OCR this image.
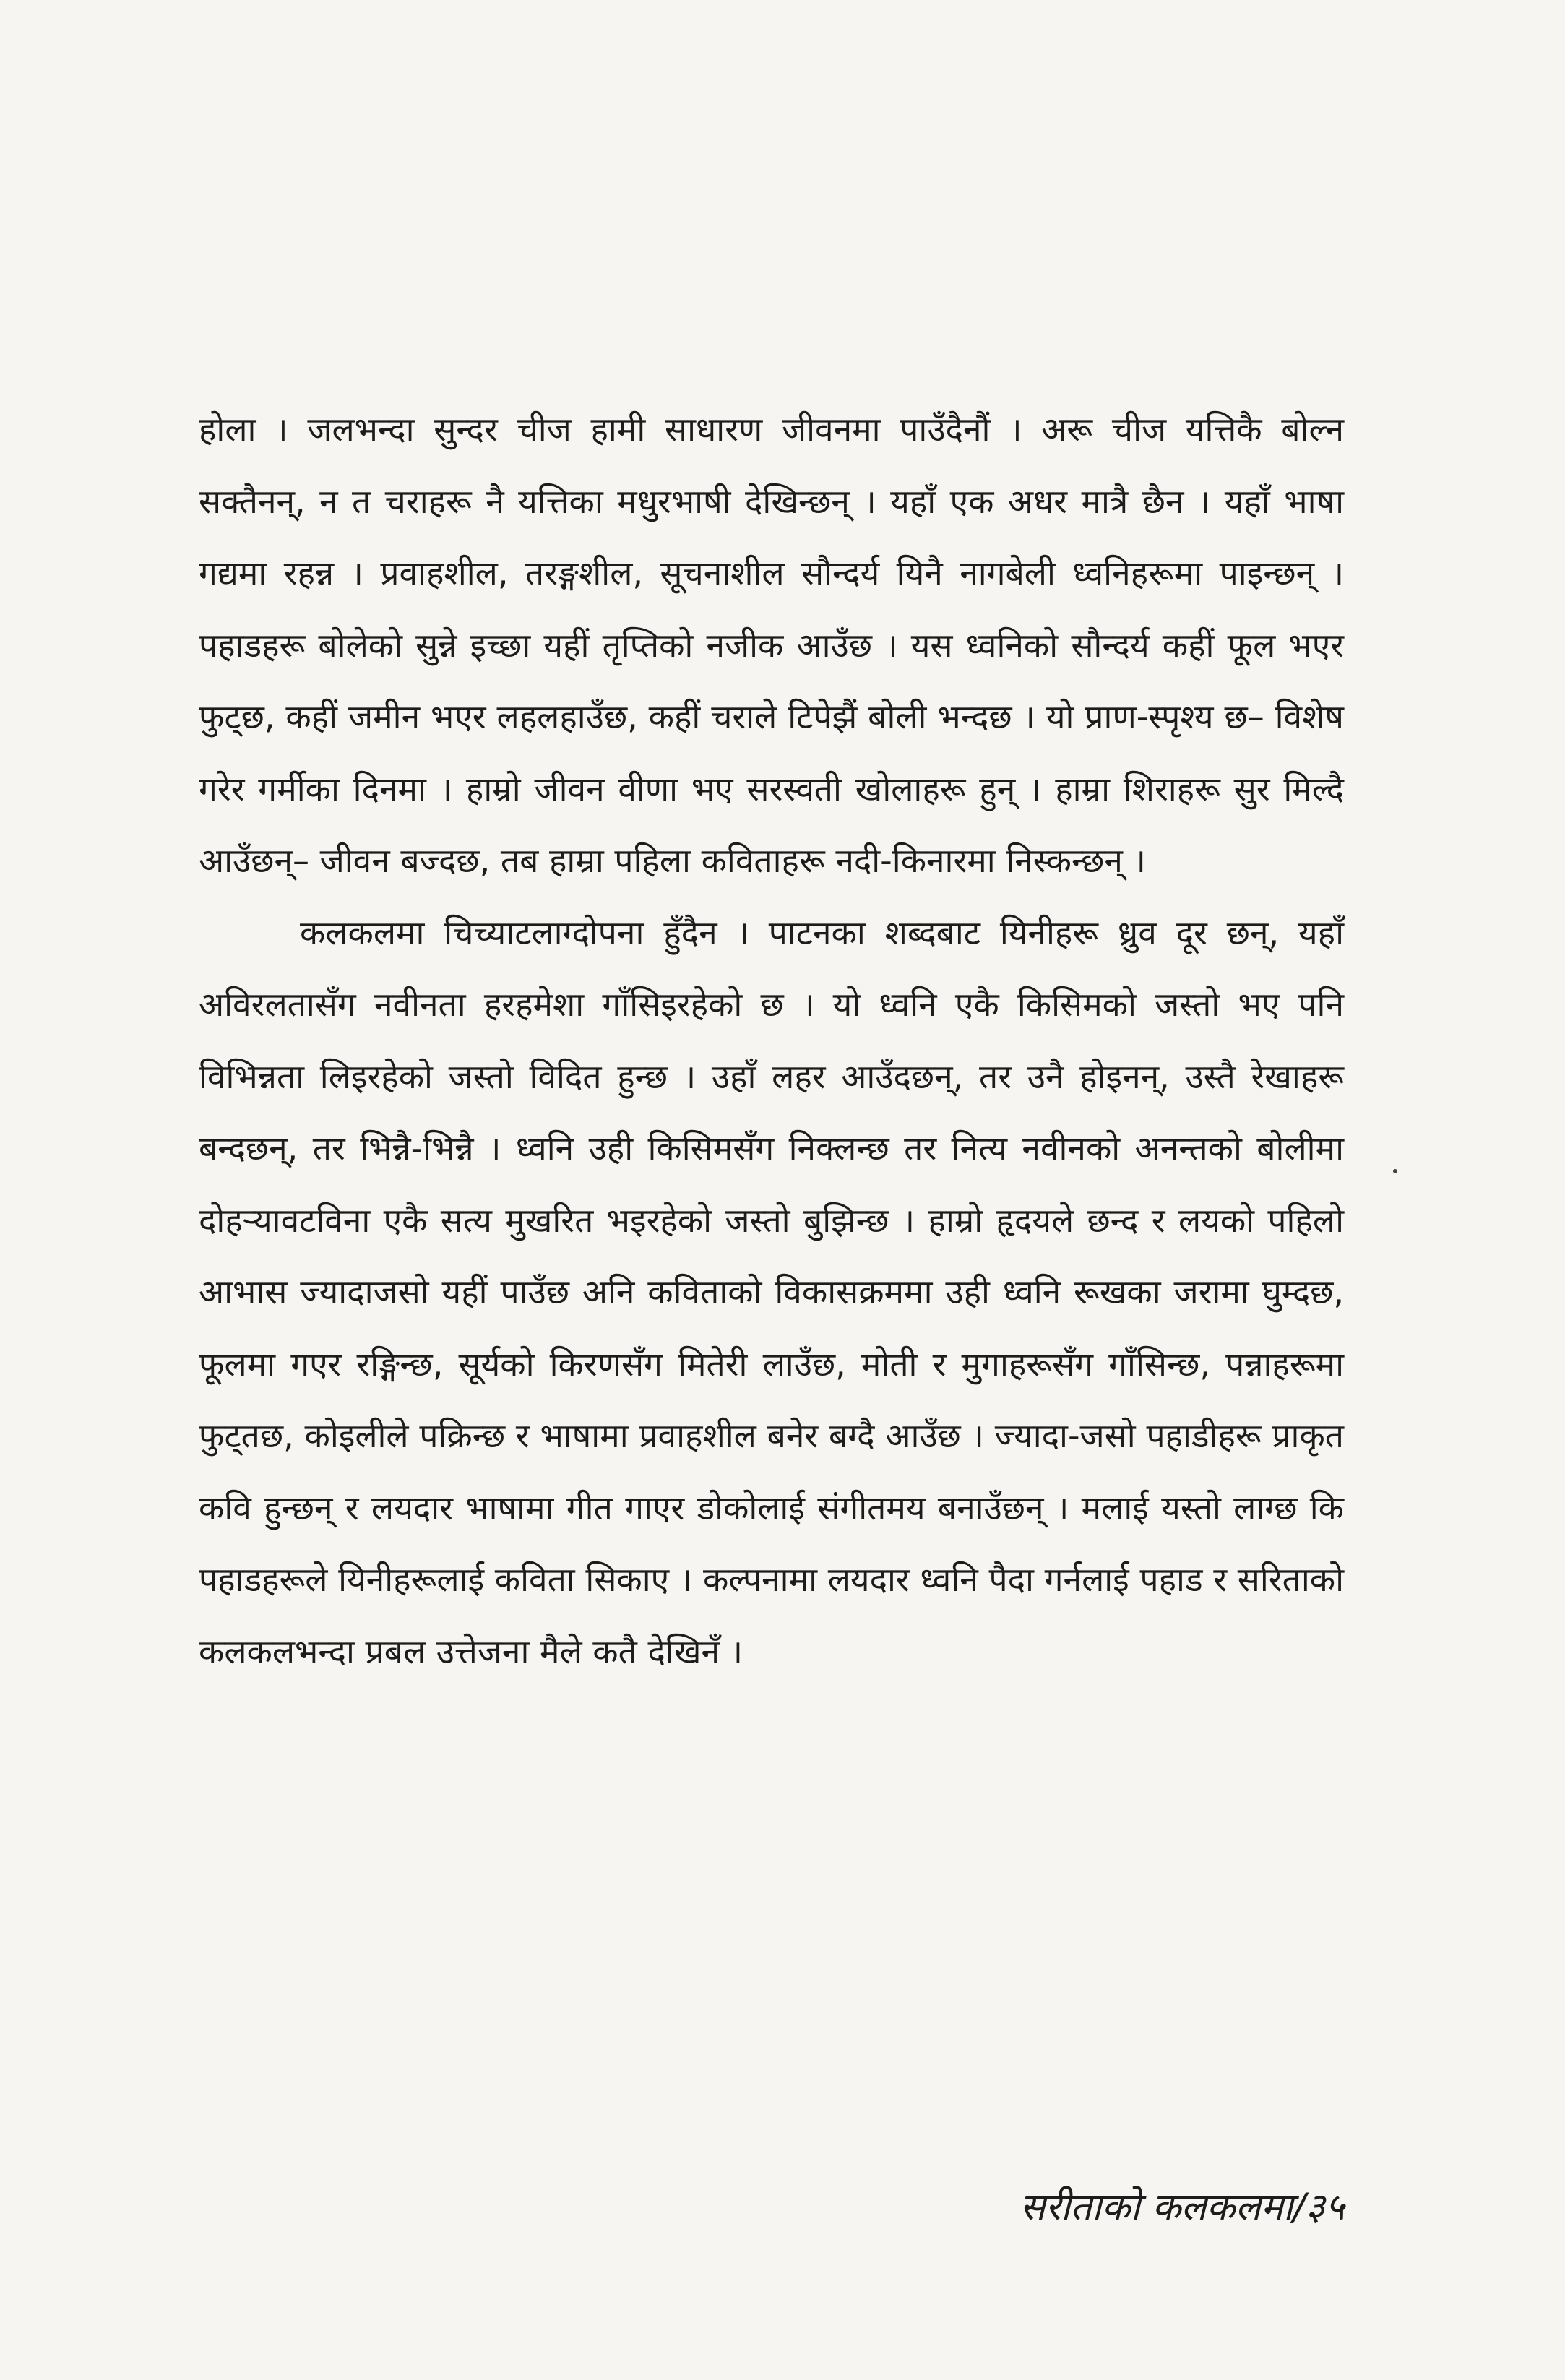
होला । जलभन्दा सुन्दर चीज हामी साधारण जीवनमा पाउँदैनौं । अरू चीज यत्तिकै बोल्न सक्तैनन्, न त चराहरू नै यत्तिका मधुरभाषी देखिन्छन् । यहाँ एक अधर मात्रै छैन । यहाँ भाषा गद्यमा रहन्न । प्रवाहशील, तरङ्गशील, सूचनाशील सौन्दर्य यिनै नागबेली ध्वनिहरूमा पाइन्छन् । पहाडहरू बोलेको सुन्ने इच्छा यहीं तृप्तिको नजीक आउँछ । यस ध्वनिको सौन्दर्य कहीं फूल भएर फुट्छ, कहीं जमीन भएर लहलहाउँछ, कहीं चराले टिपेझैं बोली भन्दछ । यो प्राण-स्पृश्य छ– विशेष गरेर गर्मीका दिनमा । हाम्रो जीवन वीणा भए सरस्वती खोलाहरू हुन् । हाम्रा शिराहरू सुर मिल्दै आउँछन्– जीवन बज्दछ, तब हाम्रा पहिला कविताहरू नदी-किनारमा निस्कन्छन् ।

कलकलमा चिच्याटलाग्दोपना हुँदैन । पाटनका शब्दबाट यिनीहरू ध्रुव दूर छन्, यहाँ अविरलतासँग नवीनता हरहमेशा गाँसिइरहेको छ । यो ध्वनि एकै किसिमको जस्तो भए पनि विभिन्नता लिइरहेको जस्तो विदित हुन्छ । उहाँ लहर आउँदछन्, तर उनै होइनन्, उस्तै रेखाहरू बन्दछन्, तर भिन्नै-भिन्नै । ध्वनि उही किसिमसँग निक्लन्छ तर नित्य नवीनको अनन्तको बोलीमा दोहऱ्यावटविना एकै सत्य मुखरित भइरहेको जस्तो बुझिन्छ । हाम्रो हृदयले छन्द र लयको पहिलो आभास ज्यादाजसो यहीं पाउँछ अनि कविताको विकासक्रममा उही ध्वनि रूखका जरामा घुम्दछ, फूलमा गएर रङ्गिन्छ, सूर्यको किरणसँग मितेरी लाउँछ, मोती र मुगाहरूसँग गाँसिन्छ, पन्नाहरूमा फुट्तछ, कोइलीले पक्रिन्छ र भाषामा प्रवाहशील बनेर बग्दै आउँछ । ज्यादा-जसो पहाडीहरू प्राकृत कवि हुन्छन् र लयदार भाषामा गीत गाएर डोकोलाई संगीतमय बनाउँछन् । मलाई यस्तो लाग्छ कि पहाडहरूले यिनीहरूलाई कविता सिकाए । कल्पनामा लयदार ध्वनि पैदा गर्नलाई पहाड र सरिताको कलकलभन्दा प्रबल उत्तेजना मैले कतै देखिनँ ।

सरीताको कलकलमा/३५
